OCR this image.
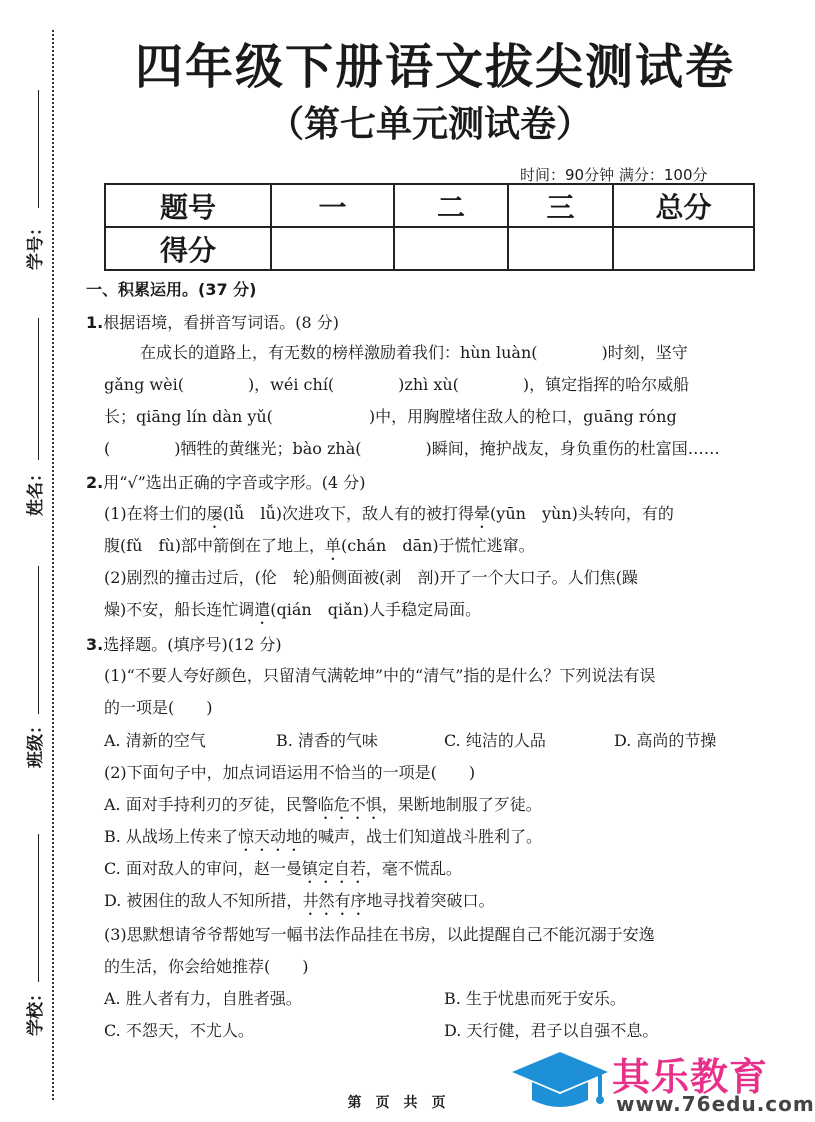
学号：
姓名：
班级：
学校：
四年级下册语文拔尖测试卷
（第七单元测试卷）
时间：90分钟 满分：100分
题号	一	二	三	总分
得分				
一、积累运用。(37 分)
1.根据语境，看拼音写词语。(8 分)
在成长的道路上，有无数的榜样激励着我们：hùn luàn(　　　　)时刻，坚守
gǎng wèi(　　　　)，wéi chí(　　　　)zhì xù(　　　　)，镇定指挥的哈尔威船
长；qiāng lín dàn yǔ(　　　　　　)中，用胸膛堵住敌人的枪口，guāng róng
(　　　　)牺牲的黄继光；bào zhà(　　　　)瞬间，掩护战友，身负重伤的杜富国……
2.用“√”选出正确的字音或字形。(4 分)
(1)在将士们的屡(lǚ　lǚ)次进攻下，敌人有的被打得晕(yūn　yùn)头转向，有的
腹(fǔ　fù)部中箭倒在了地上，单(chán　dān)于慌忙逃窜。
(2)剧烈的撞击过后，(伦　轮)船侧面被(剥　剖)开了一个大口子。人们焦(躁
燥)不安，船长连忙调遣(qián　qiǎn)人手稳定局面。
3.选择题。(填序号)(12 分)
(1)“不要人夸好颜色，只留清气满乾坤”中的“清气”指的是什么？下列说法有误
的一项是(　　)
A. 清新的空气	B. 清香的气味	C. 纯洁的人品	D. 高尚的节操
(2)下面句子中，加点词语运用不恰当的一项是(　　)
A. 面对手持利刃的歹徒，民警临危不惧，果断地制服了歹徒。
B. 从战场上传来了惊天动地的喊声，战士们知道战斗胜利了。
C. 面对敌人的审问，赵一曼镇定自若，毫不慌乱。
D. 被困住的敌人不知所措，井然有序地寻找着突破口。
(3)思默想请爷爷帮她写一幅书法作品挂在书房，以此提醒自己不能沉溺于安逸
的生活，你会给她推荐(　　)
A. 胜人者有力，自胜者强。	B. 生于忧患而死于安乐。
C. 不怨天，不尤人。	D. 天行健，君子以自强不息。
第　页　共　页
其乐教育
www.76edu.com
